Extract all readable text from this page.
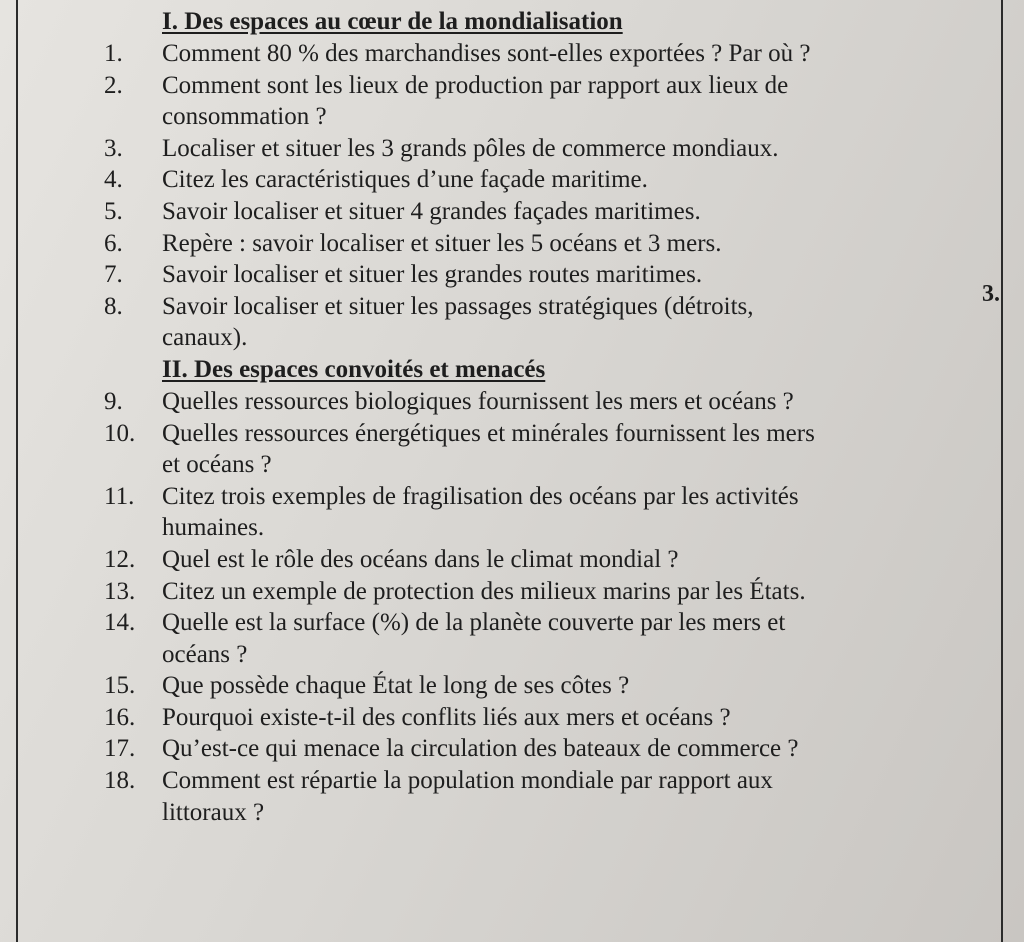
3.
I. Des espaces au cœur de la mondialisation
1.	Comment 80 % des marchandises sont-elles exportées ? Par où ?
2.	Comment sont les lieux de production par rapport aux lieux de
consommation ?
3.	Localiser et situer les 3 grands pôles de commerce mondiaux.
4.	Citez les caractéristiques d’une façade maritime.
5.	Savoir localiser et situer 4 grandes façades maritimes.
6.	Repère : savoir localiser et situer les 5 océans et 3 mers.
7.	Savoir localiser et situer les grandes routes maritimes.
8.	Savoir localiser et situer les passages stratégiques (détroits,
canaux).
II. Des espaces convoités et menacés
9.	Quelles ressources biologiques fournissent les mers et océans ?
10.	Quelles ressources énergétiques et minérales fournissent les mers
et océans ?
11.	Citez trois exemples de fragilisation des océans par les activités
humaines.
12.	Quel est le rôle des océans dans le climat mondial ?
13.	Citez un exemple de protection des milieux marins par les États.
14.	Quelle est la surface (%) de la planète couverte par les mers et
océans ?
15.	Que possède chaque État le long de ses côtes ?
16.	Pourquoi existe-t-il des conflits liés aux mers et océans ?
17.	Qu’est-ce qui menace la circulation des bateaux de commerce ?
18.	Comment est répartie la population mondiale par rapport aux
littoraux ?
